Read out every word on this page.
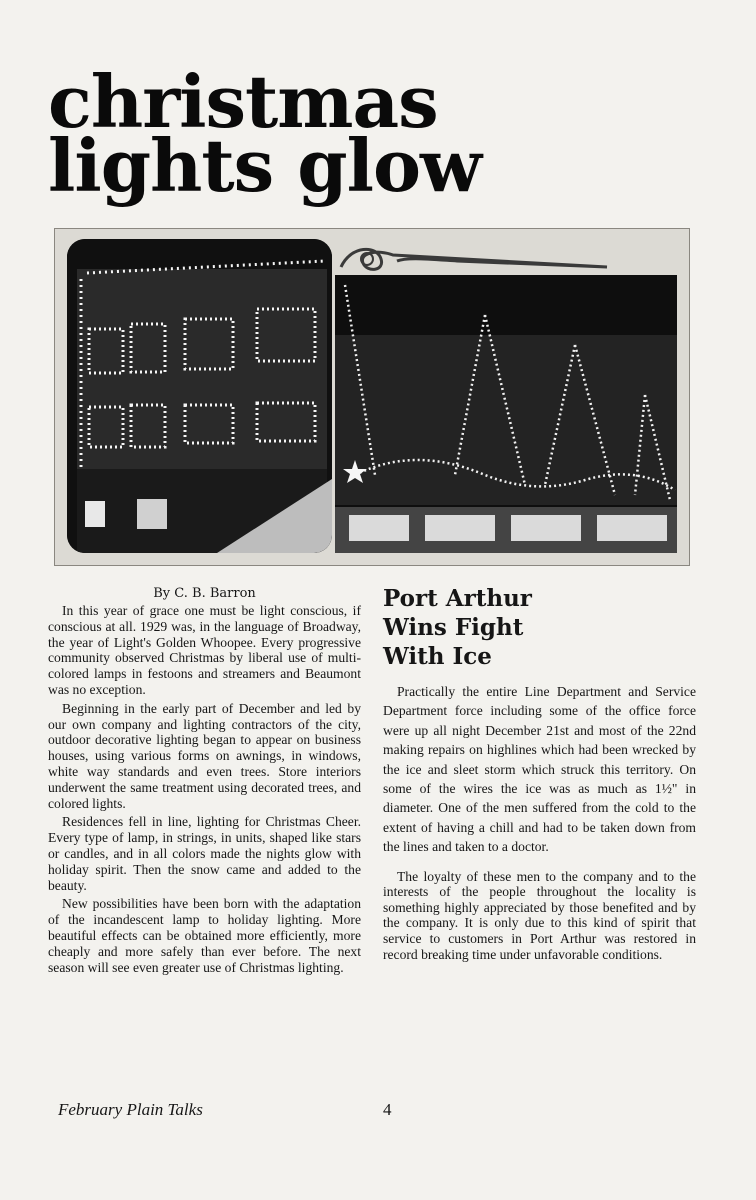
christmas
lights glow
By C. B. Barron

In this year of grace one must be light conscious, if conscious at all. 1929 was, in the language of Broadway, the year of Light's Golden Whoopee. Every progressive community observed Christmas by liberal use of multi-colored lamps in festoons and streamers and Beaumont was no exception.

Beginning in the early part of December and led by our own company and lighting contractors of the city, outdoor decorative lighting began to appear on business houses, using various forms on awnings, in windows, white way standards and even trees. Store interiors underwent the same treatment using decorated trees, and colored lights.

Residences fell in line, lighting for Christmas Cheer. Every type of lamp, in strings, in units, shaped like stars or candles, and in all colors made the nights glow with holiday spirit. Then the snow came and added to the beauty.

New possibilities have been born with the adaptation of the incandescent lamp to holiday lighting. More beautiful effects can be obtained more efficiently, more cheaply and more safely than ever before. The next season will see even greater use of Christmas lighting.

Port Arthur
Wins Fight
With Ice

Practically the entire Line Department and Service Department force including some of the office force were up all night December 21st and most of the 22nd making repairs on highlines which had been wrecked by the ice and sleet storm which struck this territory. On some of the wires the ice was as much as 1½" in diameter. One of the men suffered from the cold to the extent of having a chill and had to be taken down from the lines and taken to a doctor.

The loyalty of these men to the company and to the interests of the people throughout the locality is something highly appreciated by those benefited and by the company. It is only due to this kind of spirit that service to customers in Port Arthur was restored in record breaking time under unfavorable conditions.

February Plain Talks	4
